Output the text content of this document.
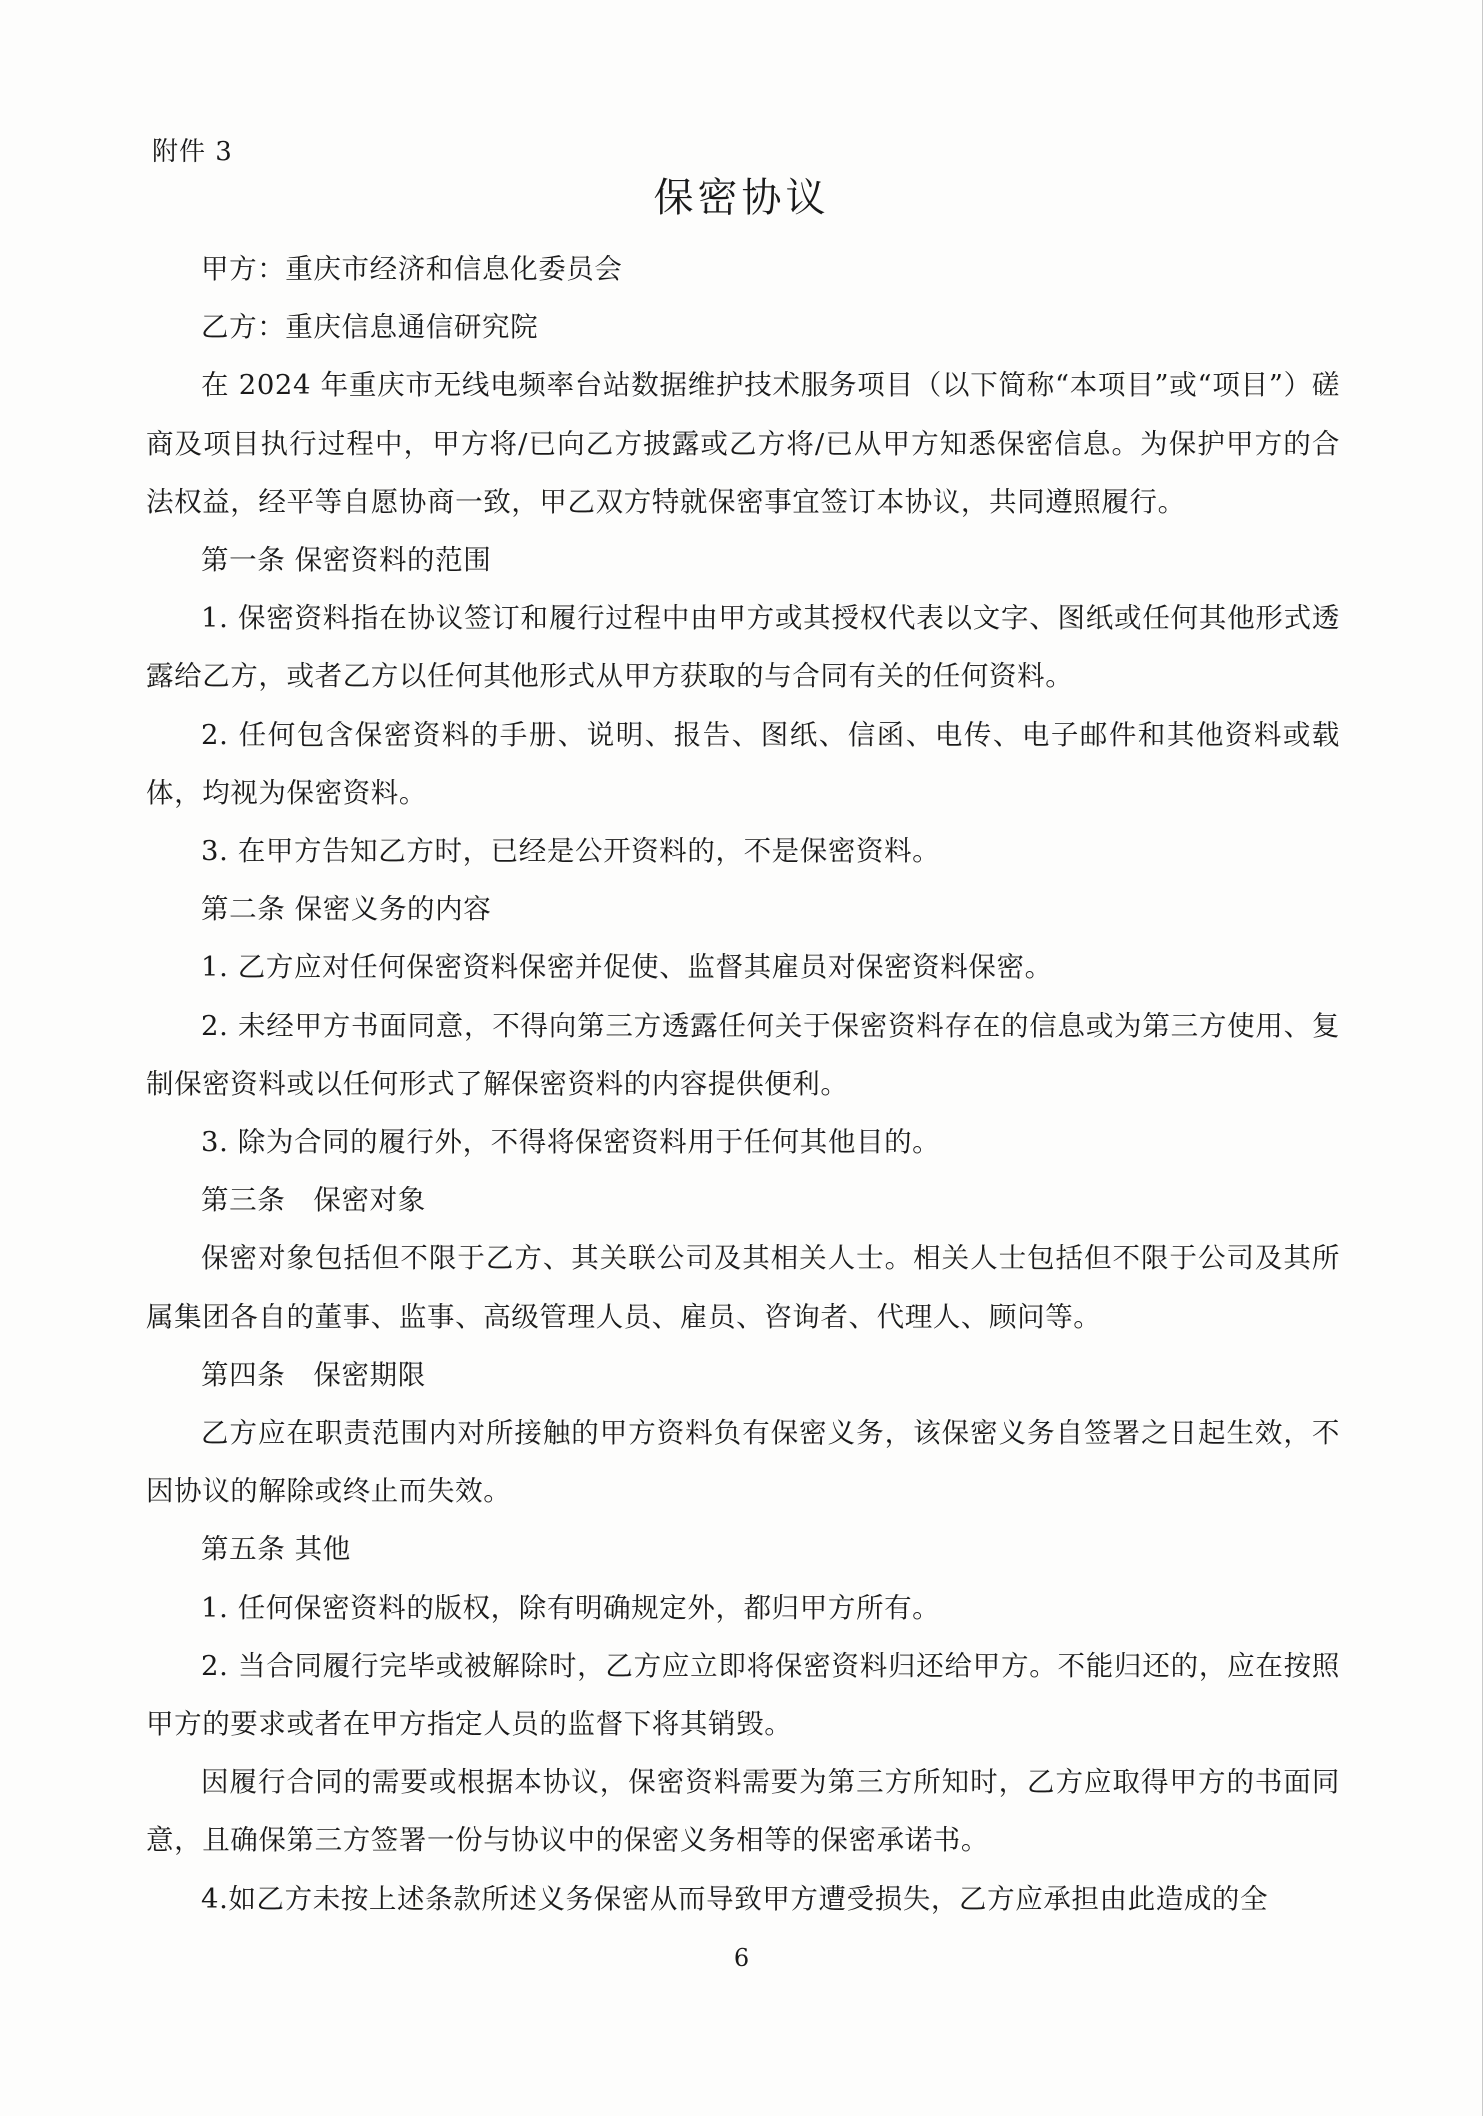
附件 3
保密协议

甲方：重庆市经济和信息化委员会

乙方：重庆信息通信研究院

在 2024 年重庆市无线电频率台站数据维护技术服务项目（以下简称“本项目”或“项目”）磋商及项目执行过程中，甲方将/已向乙方披露或乙方将/已从甲方知悉保密信息。为保护甲方的合法权益，经平等自愿协商一致，甲乙双方特就保密事宜签订本协议，共同遵照履行。

第一条 保密资料的范围

1. 保密资料指在协议签订和履行过程中由甲方或其授权代表以文字、图纸或任何其他形式透露给乙方，或者乙方以任何其他形式从甲方获取的与合同有关的任何资料。

2. 任何包含保密资料的手册、说明、报告、图纸、信函、电传、电子邮件和其他资料或载体，均视为保密资料。

3. 在甲方告知乙方时，已经是公开资料的，不是保密资料。

第二条 保密义务的内容

1. 乙方应对任何保密资料保密并促使、监督其雇员对保密资料保密。

2. 未经甲方书面同意，不得向第三方透露任何关于保密资料存在的信息或为第三方使用、复制保密资料或以任何形式了解保密资料的内容提供便利。

3. 除为合同的履行外，不得将保密资料用于任何其他目的。

第三条　保密对象

保密对象包括但不限于乙方、其关联公司及其相关人士。相关人士包括但不限于公司及其所属集团各自的董事、监事、高级管理人员、雇员、咨询者、代理人、顾问等。

第四条　保密期限

乙方应在职责范围内对所接触的甲方资料负有保密义务，该保密义务自签署之日起生效，不因协议的解除或终止而失效。

第五条 其他

1. 任何保密资料的版权，除有明确规定外，都归甲方所有。

2. 当合同履行完毕或被解除时，乙方应立即将保密资料归还给甲方。不能归还的，应在按照甲方的要求或者在甲方指定人员的监督下将其销毁。

因履行合同的需要或根据本协议，保密资料需要为第三方所知时，乙方应取得甲方的书面同意，且确保第三方签署一份与协议中的保密义务相等的保密承诺书。

4.如乙方未按上述条款所述义务保密从而导致甲方遭受损失，乙方应承担由此造成的全

6
